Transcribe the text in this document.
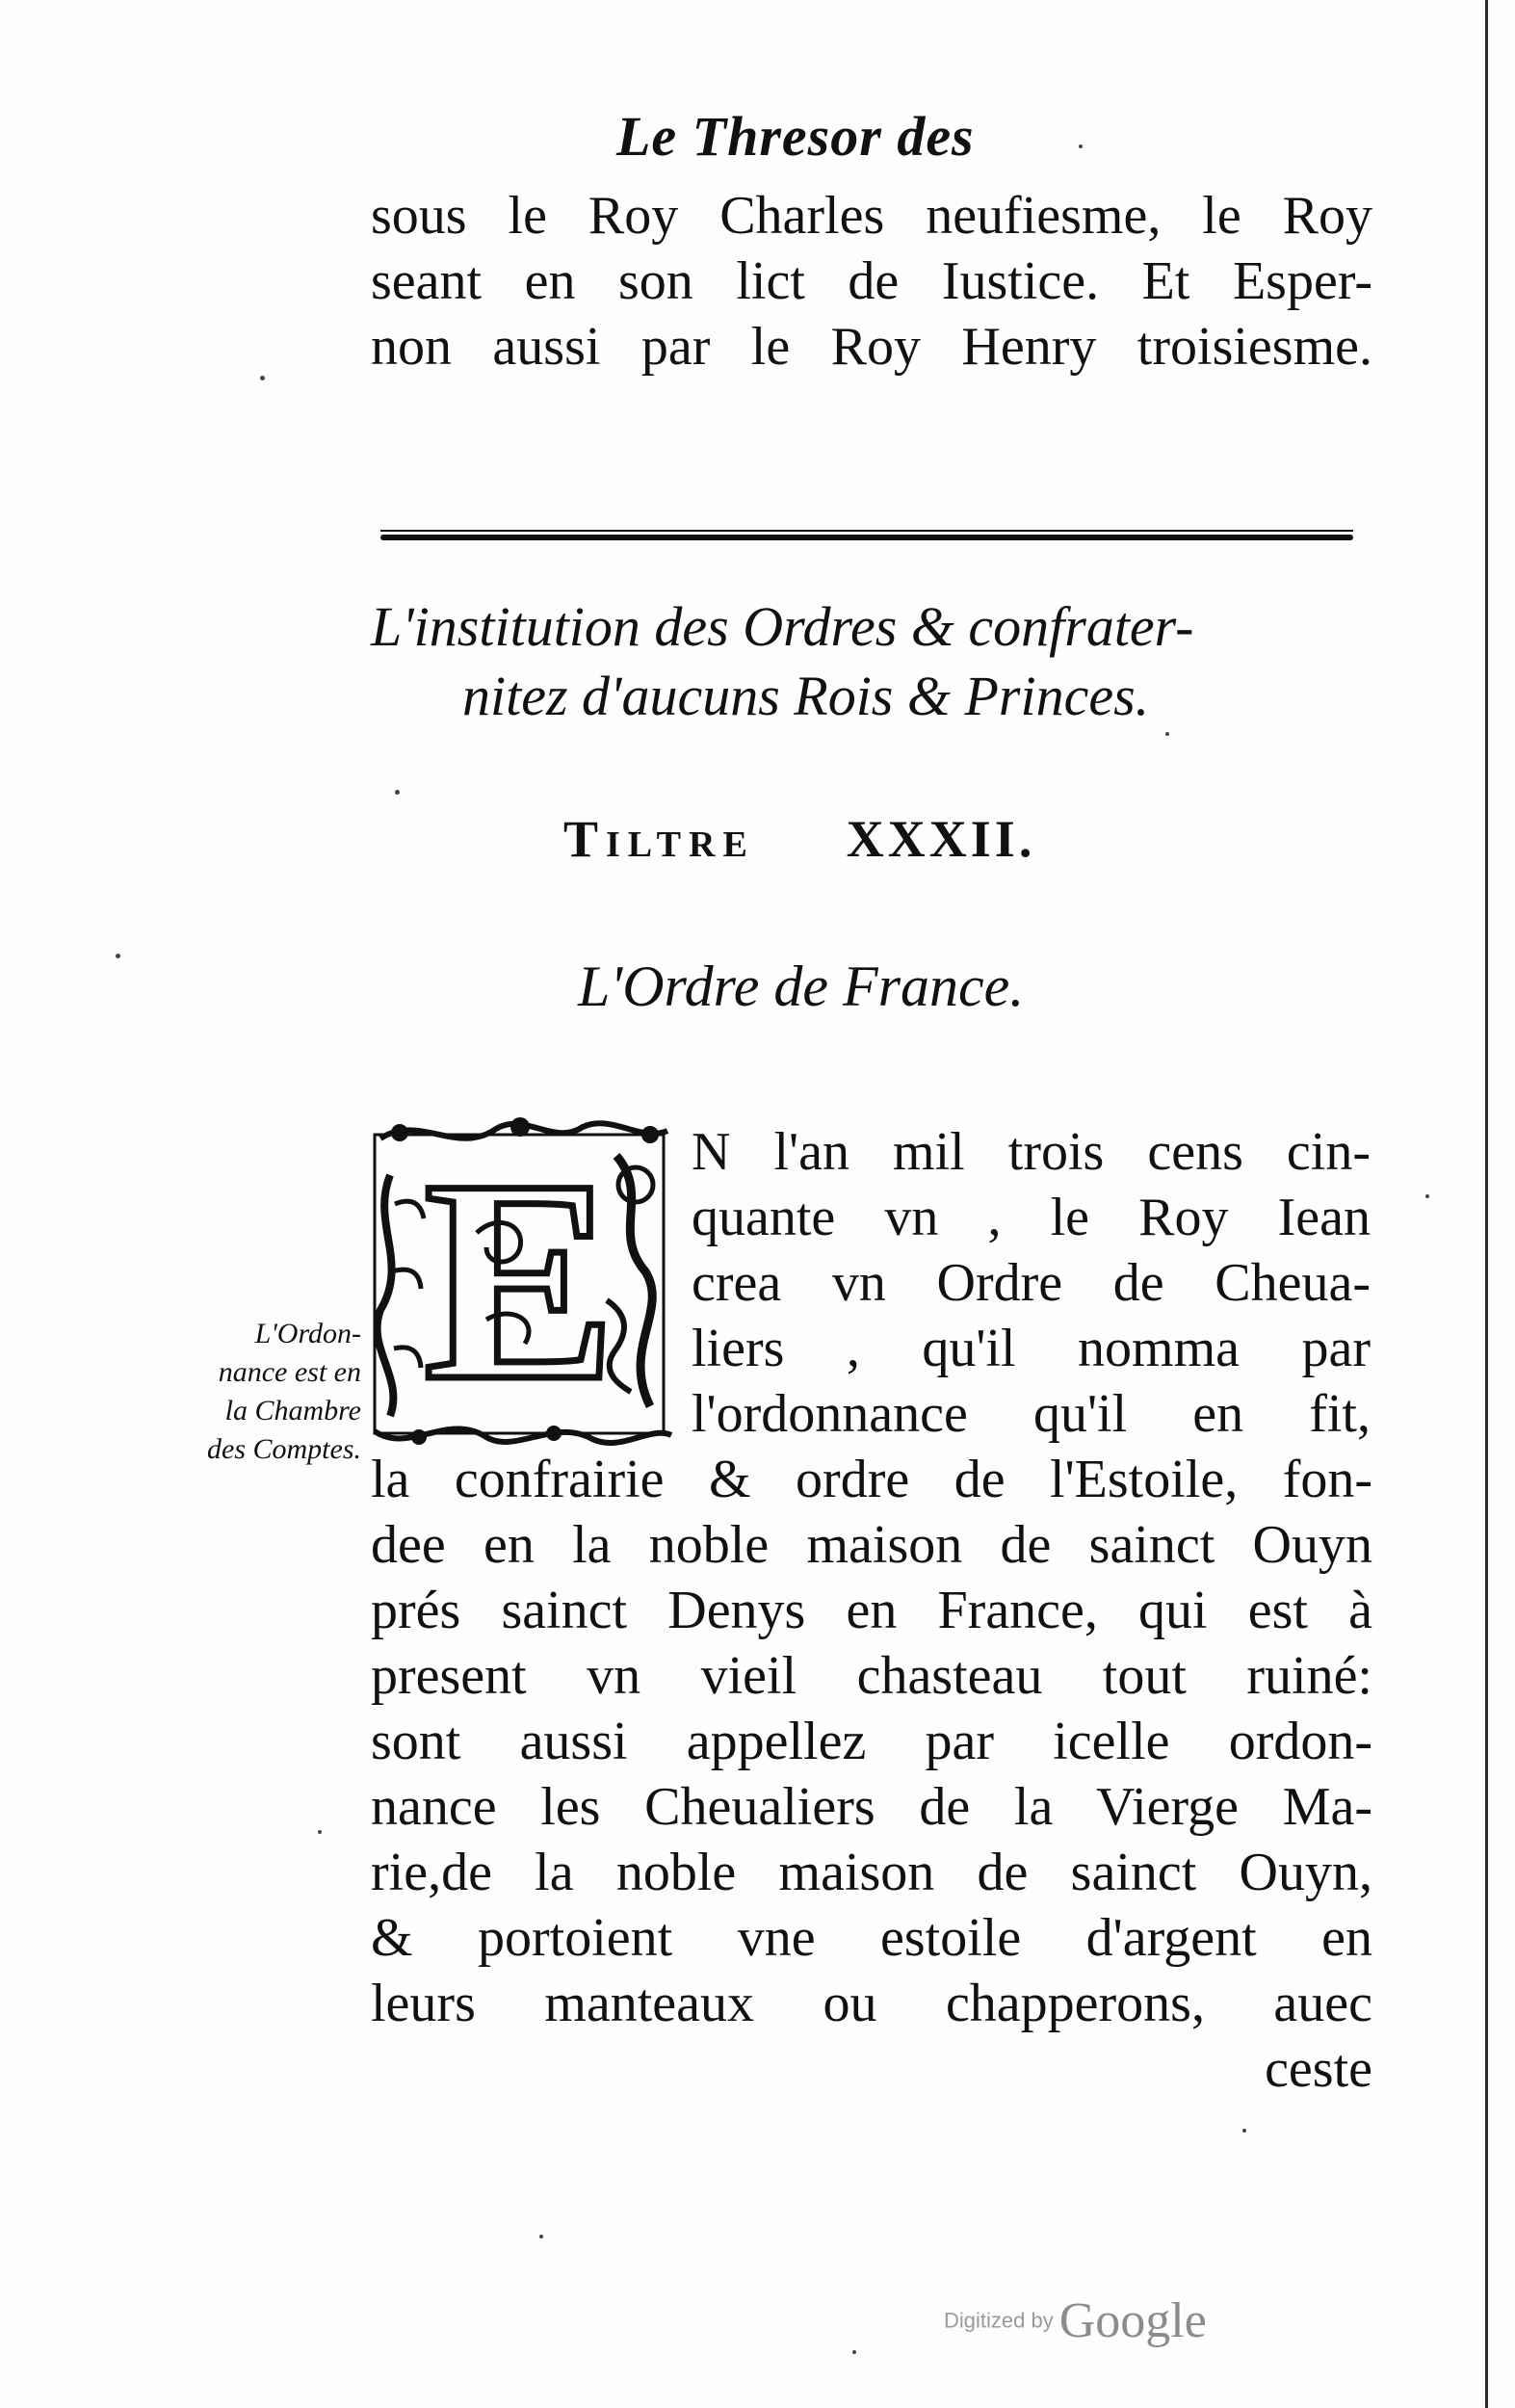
Le Thresor des
sous le Roy Charles neufiesme, le Roy
seant en son lict de Iustice. Et Esper-
non aussi par le Roy Henry troisiesme.
L'institution des Ordres & confrater-
nitez d'aucuns Rois & Princes.
Tiltre XXXII.
L'Ordre de France.
E N l'an mil trois cens cin-
quante vn , le Roy Iean
crea vn Ordre de Cheua-
liers , qu'il nomma par
l'ordonnance qu'il en fit,
L'Ordon-
nance est en
la Chambre
des Comptes.
la confrairie & ordre de l'Estoile, fon-
dee en la noble maison de sainct Ouyn
prés sainct Denys en France, qui est à
present vn vieil chasteau tout ruiné:
sont aussi appellez par icelle ordon-
nance les Cheualiers de la Vierge Ma-
rie,de la noble maison de sainct Ouyn,
& portoient vne estoile d'argent en
leurs manteaux ou chapperons, auec
ceste
Digitized by Google
